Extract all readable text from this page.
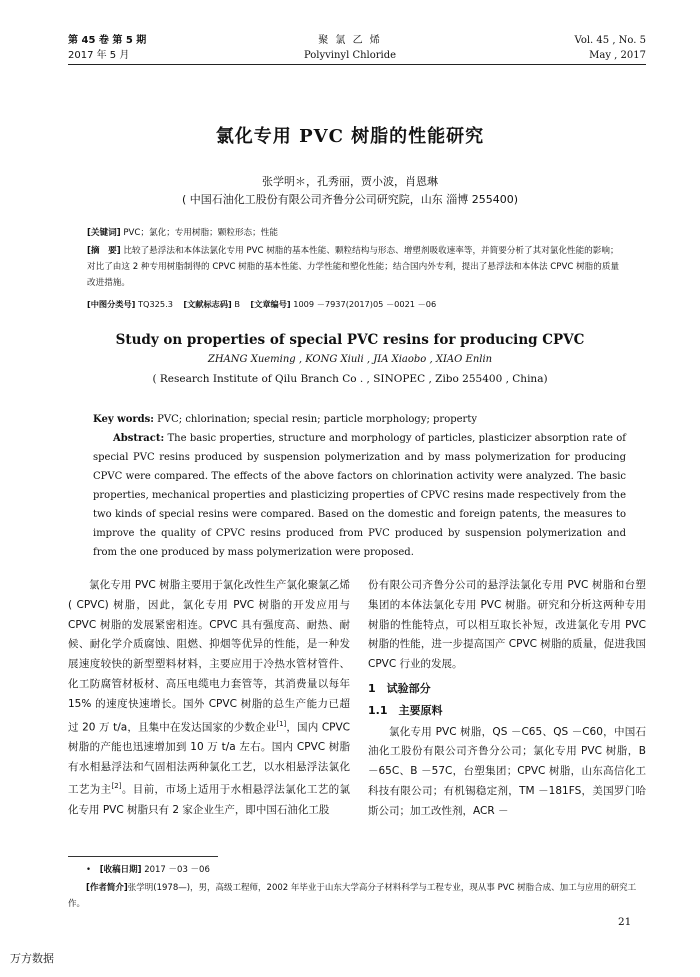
第 45 卷 第 5 期
2017 年 5 月
聚 氯 乙 烯
Polyvinyl Chloride
Vol. 45 , No. 5
May , 2017
氯化专用 PVC 树脂的性能研究
张学明＊，孔秀丽，贾小波，肖恩琳
( 中国石油化工股份有限公司齐鲁分公司研究院，山东 淄博 255400)
[关键词] PVC；氯化；专用树脂；颗粒形态；性能
[摘　要] 比较了悬浮法和本体法氯化专用 PVC 树脂的基本性能、颗粒结构与形态、增塑剂吸收速率等，并简要分析了其对氯化性能的影响；对比了由这 2 种专用树脂制得的 CPVC 树脂的基本性能、力学性能和塑化性能；结合国内外专利，提出了悬浮法和本体法 CPVC 树脂的质量改进措施。
[中图分类号] TQ325.3 [文献标志码] B [文章编号] 1009 －7937(2017)05 －0021 －06
Study on properties of special PVC resins for producing CPVC
ZHANG Xueming , KONG Xiuli , JIA Xiaobo , XIAO Enlin
( Research Institute of Qilu Branch Co . , SINOPEC , Zibo 255400 , China)
Key words: PVC; chlorination; special resin; particle morphology; property
Abstract: The basic properties, structure and morphology of particles, plasticizer absorption rate of special PVC resins produced by suspension polymerization and by mass polymerization for producing CPVC were compared. The effects of the above factors on chlorination activity were analyzed. The basic properties, mechanical properties and plasticizing properties of CPVC resins made respectively from the two kinds of special resins were compared. Based on the domestic and foreign patents, the measures to improve the quality of CPVC resins produced from PVC produced by suspension polymerization and from the one produced by mass polymerization were proposed.

氯化专用 PVC 树脂主要用于氯化改性生产氯化聚氯乙烯( CPVC) 树脂，因此，氯化专用 PVC 树脂的开发应用与 CPVC 树脂的发展紧密相连。CPVC 具有强度高、耐热、耐候、耐化学介质腐蚀、阻燃、抑烟等优异的性能，是一种发展速度较快的新型塑料材料，主要应用于冷热水管材管件、化工防腐管材板材、高压电缆电力套管等，其消费量以每年 15% 的速度快速增长。国外 CPVC 树脂的总生产能力已超过 20 万 t/a，且集中在发达国家的少数企业[1]，国内 CPVC 树脂的产能也迅速增加到 10 万 t/a 左右。国内 CPVC 树脂有水相悬浮法和气固相法两种氯化工艺，以水相悬浮法氯化工艺为主[2]。目前，市场上适用于水相悬浮法氯化工艺的氯化专用 PVC 树脂只有 2 家企业生产，即中国石油化工股

份有限公司齐鲁分公司的悬浮法氯化专用 PVC 树脂和台塑集团的本体法氯化专用 PVC 树脂。研究和分析这两种专用树脂的性能特点，可以相互取长补短，改进氯化专用 PVC 树脂的性能，进一步提高国产 CPVC 树脂的质量，促进我国 CPVC 行业的发展。

1　试验部分

1.1　主要原料

氯化专用 PVC 树脂，QS －C65、QS －C60，中国石油化工股份有限公司齐鲁分公司；氯化专用 PVC 树脂，B －65C、B －57C，台塑集团；CPVC 树脂，山东高信化工科技有限公司；有机锡稳定剂，TM －181FS，美国罗门哈斯公司；加工改性剂，ACR －

• [收稿日期] 2017 －03 －06
[作者简介]张学明(1978—)，男，高级工程师，2002 年毕业于山东大学高分子材料科学与工程专业，现从事 PVC 树脂合成、加工与应用的研究工作。
21
万方数据
